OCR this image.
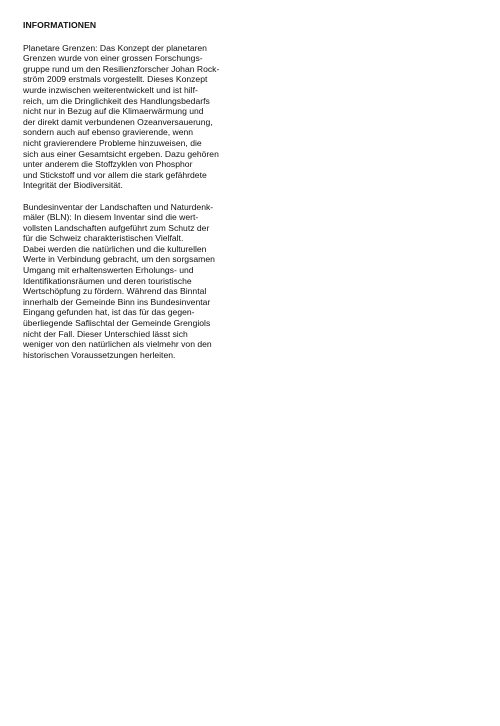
INFORMATIONEN
Planetare Grenzen: Das Konzept der planetaren
Grenzen wurde von einer grossen Forschungs-
gruppe rund um den Resilienzforscher Johan Rock-
ström 2009 erstmals vorgestellt. Dieses Konzept
wurde inzwischen weiterentwickelt und ist hilf-
reich, um die Dringlichkeit des Handlungsbedarfs
nicht nur in Bezug auf die Klimaerwärmung und
der direkt damit verbundenen Ozeanversauerung,
sondern auch auf ebenso gravierende, wenn
nicht gravierendere Probleme hinzuweisen, die
sich aus einer Gesamtsicht ergeben. Dazu gehören
unter anderem die Stoffzyklen von Phosphor
und Stickstoff und vor allem die stark gefährdete
Integrität der Biodiversität.
Bundesinventar der Landschaften und Naturdenk-
mäler (BLN): In diesem Inventar sind die wert-
vollsten Landschaften aufgeführt zum Schutz der
für die Schweiz charakteristischen Vielfalt.
Dabei werden die natürlichen und die kulturellen
Werte in Verbindung gebracht, um den sorgsamen
Umgang mit erhaltenswerten Erholungs- und
Identifikationsräumen und deren touristische
Wertschöpfung zu fördern. Während das Binntal
innerhalb der Gemeinde Binn ins Bundesinventar
Eingang gefunden hat, ist das für das gegen-
überliegende Saflischtal der Gemeinde Grengiols
nicht der Fall. Dieser Unterschied lässt sich
weniger von den natürlichen als vielmehr von den
historischen Voraussetzungen herleiten.
